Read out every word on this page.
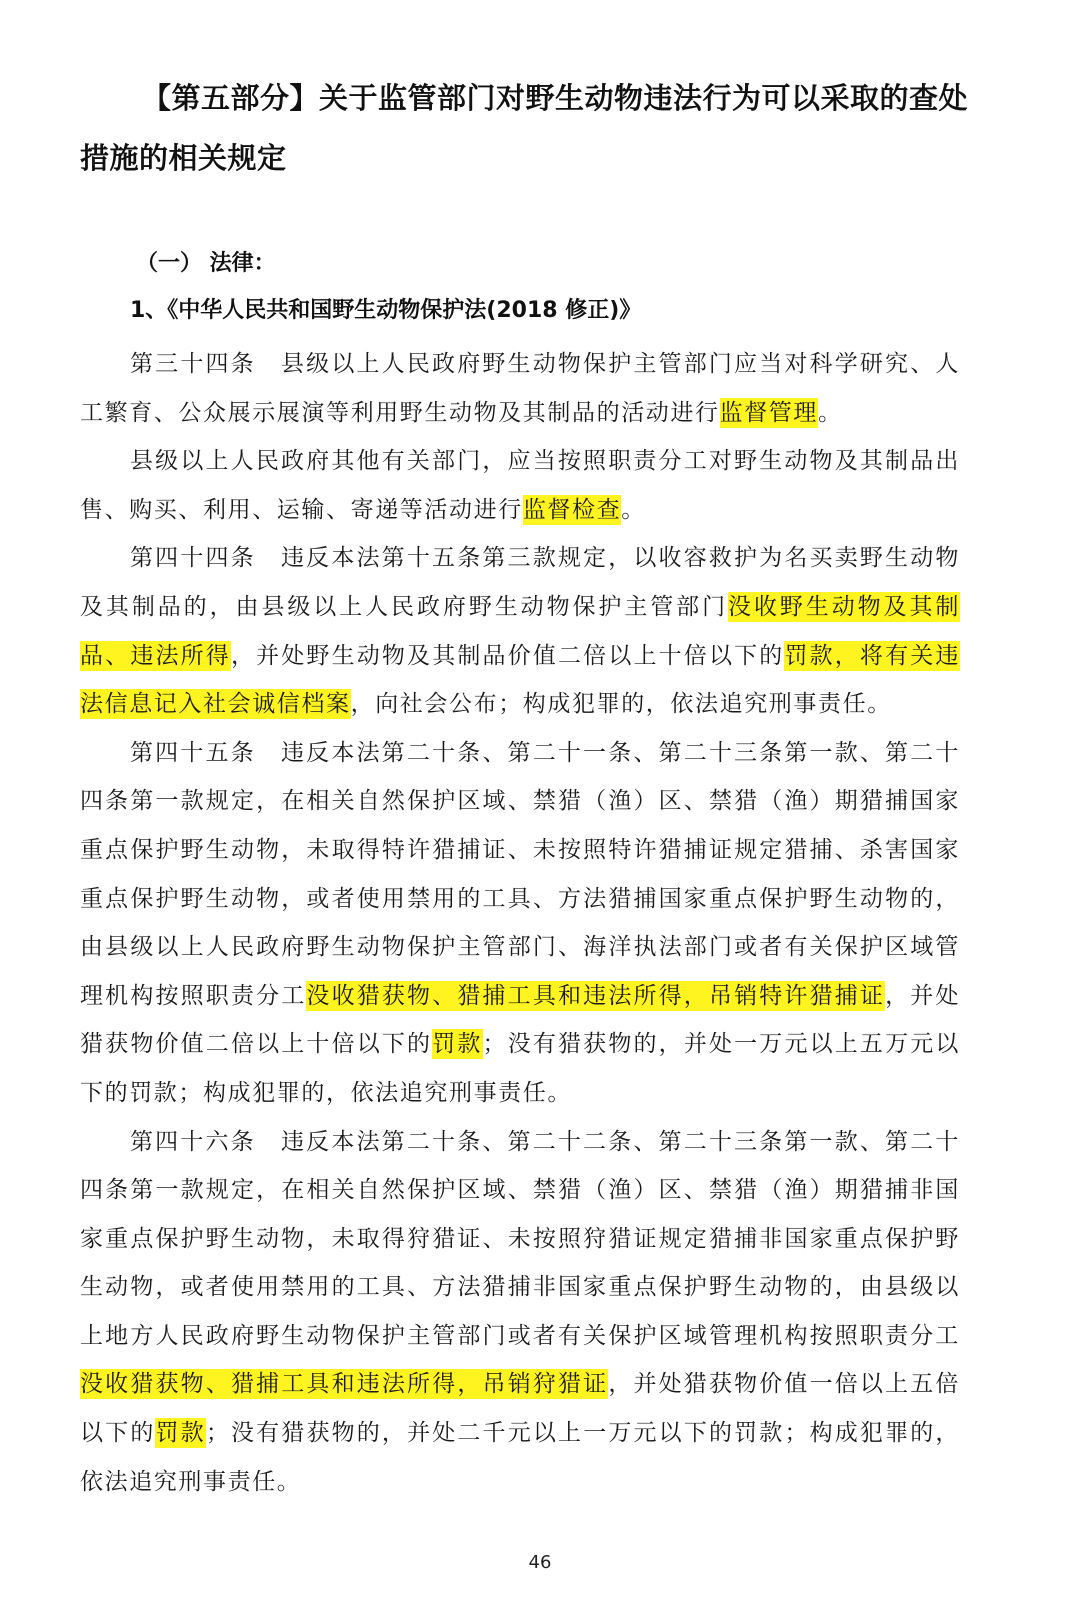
【第五部分】关于监管部门对野生动物违法行为可以采取的查处
措施的相关规定
（一） 法律：
1、《中华人民共和国野生动物保护法(2018 修正)》

第三十四条　县级以上人民政府野生动物保护主管部门应当对科学研究、人工繁育、公众展示展演等利用野生动物及其制品的活动进行监督管理。

县级以上人民政府其他有关部门，应当按照职责分工对野生动物及其制品出售、购买、利用、运输、寄递等活动进行监督检查。

第四十四条　违反本法第十五条第三款规定，以收容救护为名买卖野生动物及其制品的，由县级以上人民政府野生动物保护主管部门没收野生动物及其制品、违法所得，并处野生动物及其制品价值二倍以上十倍以下的罚款，将有关违法信息记入社会诚信档案，向社会公布；构成犯罪的，依法追究刑事责任。

第四十五条　违反本法第二十条、第二十一条、第二十三条第一款、第二十四条第一款规定，在相关自然保护区域、禁猎（渔）区、禁猎（渔）期猎捕国家重点保护野生动物，未取得特许猎捕证、未按照特许猎捕证规定猎捕、杀害国家重点保护野生动物，或者使用禁用的工具、方法猎捕国家重点保护野生动物的，由县级以上人民政府野生动物保护主管部门、海洋执法部门或者有关保护区域管理机构按照职责分工没收猎获物、猎捕工具和违法所得，吊销特许猎捕证，并处猎获物价值二倍以上十倍以下的罚款；没有猎获物的，并处一万元以上五万元以下的罚款；构成犯罪的，依法追究刑事责任。

第四十六条　违反本法第二十条、第二十二条、第二十三条第一款、第二十四条第一款规定，在相关自然保护区域、禁猎（渔）区、禁猎（渔）期猎捕非国家重点保护野生动物，未取得狩猎证、未按照狩猎证规定猎捕非国家重点保护野生动物，或者使用禁用的工具、方法猎捕非国家重点保护野生动物的，由县级以上地方人民政府野生动物保护主管部门或者有关保护区域管理机构按照职责分工没收猎获物、猎捕工具和违法所得，吊销狩猎证，并处猎获物价值一倍以上五倍以下的罚款；没有猎获物的，并处二千元以上一万元以下的罚款；构成犯罪的，依法追究刑事责任。

46
